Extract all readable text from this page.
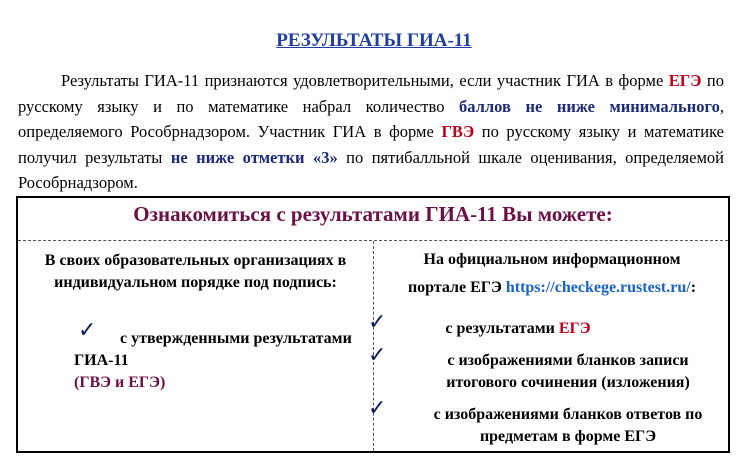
РЕЗУЛЬТАТЫ ГИА-11

Результаты ГИА-11 признаются удовлетворительными, если участник ГИА в форме ЕГЭ по русскому языку и по математике набрал количество баллов не ниже минимального, определяемого Рособрнадзором. Участник ГИА в форме ГВЭ по русскому языку и математике получил результаты не ниже отметки «3» по пятибалльной шкале оценивания, определяемой Рособрнадзором.

Ознакомиться с результатами ГИА-11 Вы можете:
В своих образовательных организациях в индивидуальном порядке под подпись:
✓	с утвержденными результатами ГИА-11
(ГВЭ и ЕГЭ)
На официальном информационном
портале ЕГЭ https://checkege.rustest.ru/:
✓	с результатами ЕГЭ
✓	с изображениями бланков записи итогового сочинения (изложения)
✓	с изображениями бланков ответов по предметам в форме ЕГЭ
